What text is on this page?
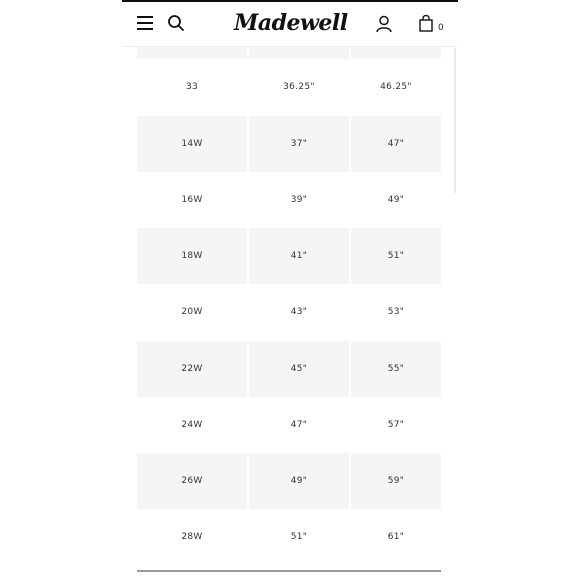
33	36.25"	46.25"
14W	37"	47"
16W	39"	49"
18W	41"	51"
20W	43"	53"
22W	45"	55"
24W	47"	57"
26W	49"	59"
28W	51"	61"
Madewell	0
